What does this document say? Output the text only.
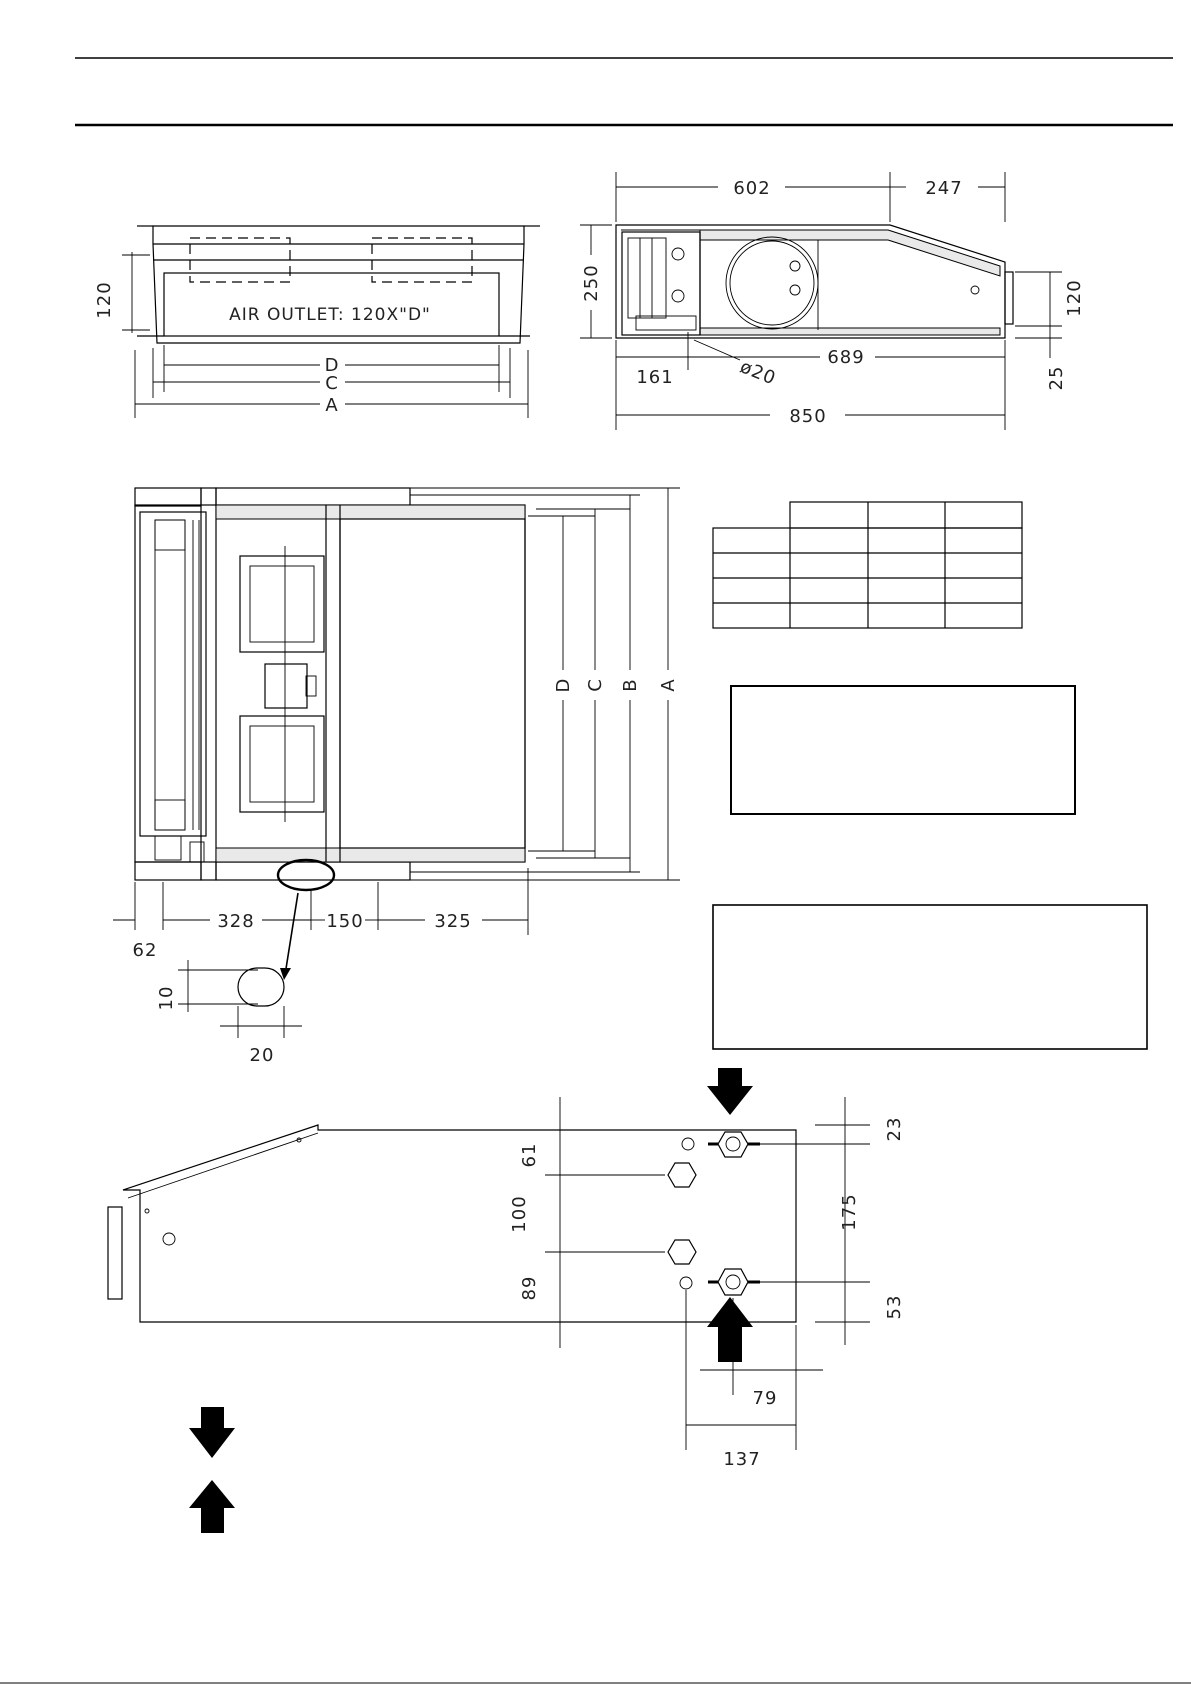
AIR OUTLET: 120X"D"
120
D
C
A
602	247
250	120
25
161	ø20	689
850
D C B A
328	150	325
62
10
20
61
100
89
23
175
53
79
137
